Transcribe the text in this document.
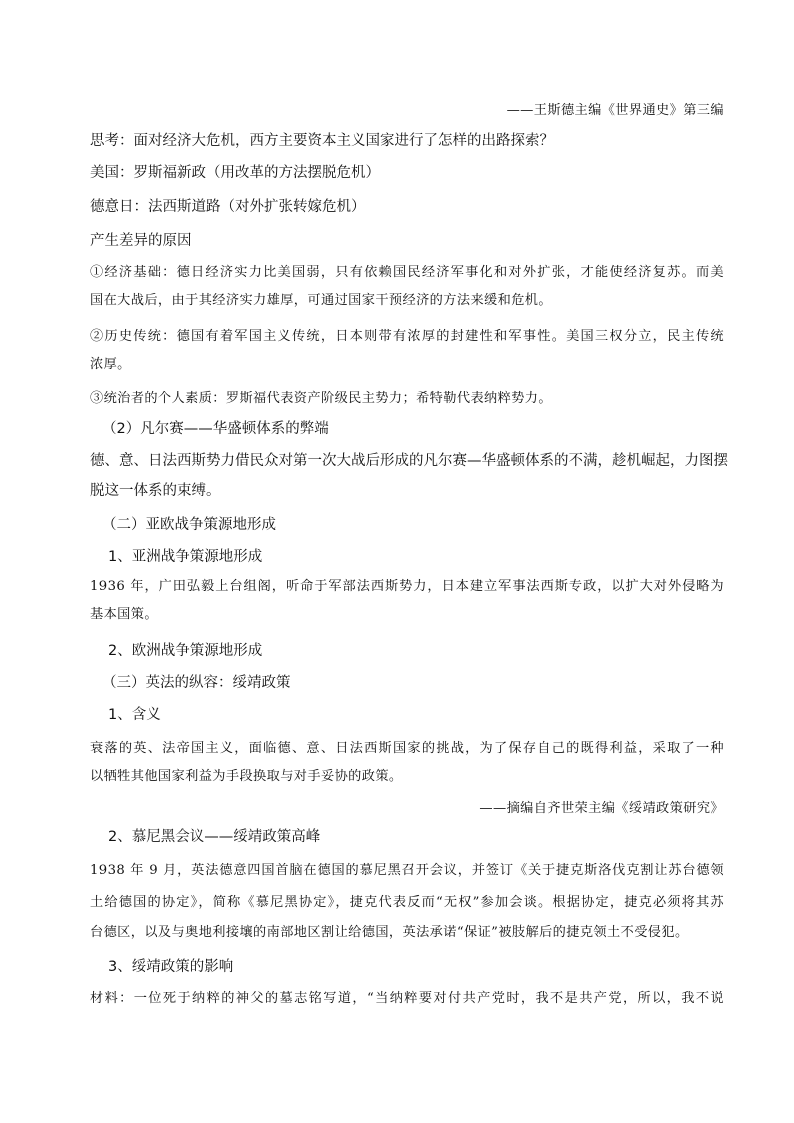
——王斯德主编《世界通史》第三编
思考：面对经济大危机，西方主要资本主义国家进行了怎样的出路探索？
美国：罗斯福新政（用改革的方法摆脱危机）
德意日：法西斯道路（对外扩张转嫁危机）
产生差异的原因
①经济基础：德日经济实力比美国弱，只有依赖国民经济军事化和对外扩张，才能使经济复苏。而美
国在大战后，由于其经济实力雄厚，可通过国家干预经济的方法来缓和危机。
②历史传统：德国有着军国主义传统，日本则带有浓厚的封建性和军事性。美国三权分立，民主传统
浓厚。
③统治者的个人素质：罗斯福代表资产阶级民主势力；希特勒代表纳粹势力。
（2）凡尔赛——华盛顿体系的弊端
德、意、日法西斯势力借民众对第一次大战后形成的凡尔赛—华盛顿体系的不满，趁机崛起，力图摆
脱这一体系的束缚。
（二）亚欧战争策源地形成
1、亚洲战争策源地形成
1936 年，广田弘毅上台组阁，听命于军部法西斯势力，日本建立军事法西斯专政，以扩大对外侵略为
基本国策。
2、欧洲战争策源地形成
（三）英法的纵容：绥靖政策
1、含义
衰落的英、法帝国主义，面临德、意、日法西斯国家的挑战，为了保存自己的既得利益，采取了一种
以牺牲其他国家利益为手段换取与对手妥协的政策。
——摘编自齐世荣主编《绥靖政策研究》
2、慕尼黑会议——绥靖政策高峰
1938 年 9 月，英法德意四国首脑在德国的慕尼黑召开会议，并签订《关于捷克斯洛伐克割让苏台德领
土给德国的协定》，简称《慕尼黑协定》，捷克代表反而“无权”参加会谈。根据协定，捷克必须将其苏
台德区，以及与奥地利接壤的南部地区割让给德国，英法承诺“保证”被肢解后的捷克领土不受侵犯。
3、绥靖政策的影响
材料：一位死于纳粹的神父的墓志铭写道，“当纳粹要对付共产党时，我不是共产党，所以，我不说
